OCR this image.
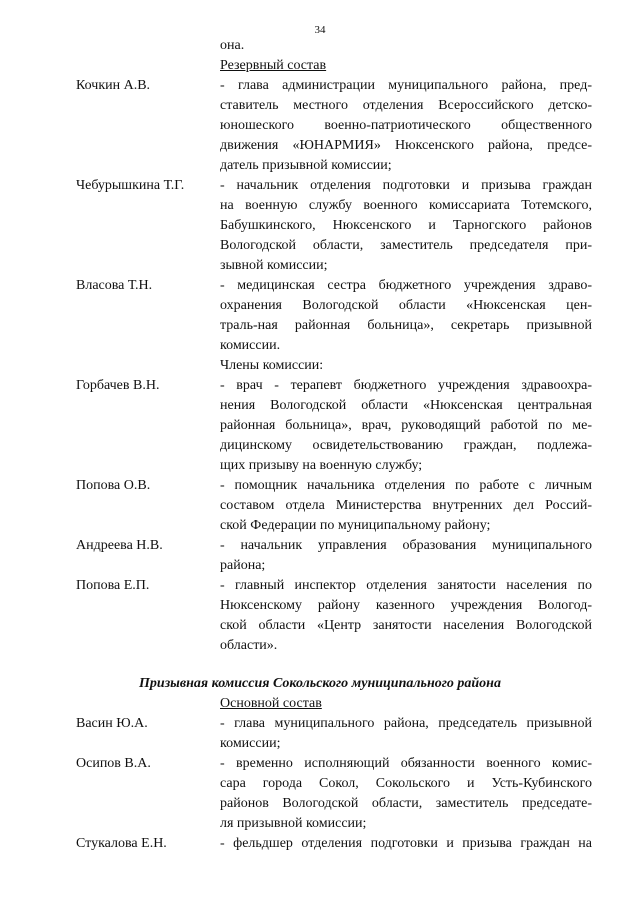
34
она.
Резервный состав
Кочкин А.В.	- глава администрации муниципального района, пред-
ставитель местного отделения Всероссийского детско-
юношеского военно-патриотического общественного
движения «ЮНАРМИЯ» Нюксенского района, предсе-
датель призывной комиссии;
Чебурышкина Т.Г.	- начальник отделения подготовки и призыва граждан
на военную службу военного комиссариата Тотемского,
Бабушкинского, Нюксенского и Тарногского районов
Вологодской области, заместитель председателя при-
зывной комиссии;
Власова Т.Н.	- медицинская сестра бюджетного учреждения здраво-
охранения Вологодской области «Нюксенская цен-
траль-ная районная больница», секретарь призывной
комиссии.
Члены комиссии:
Горбачев В.Н.	- врач - терапевт бюджетного учреждения здравоохра-
нения Вологодской области «Нюксенская центральная
районная больница», врач, руководящий работой по ме-
дицинскому освидетельствованию граждан, подлежа-
щих призыву на военную службу;
Попова О.В.	- помощник начальника отделения по работе с личным
составом отдела Министерства внутренних дел Россий-
ской Федерации по муниципальному району;
Андреева Н.В.	- начальник управления образования муниципального
района;
Попова Е.П.	- главный инспектор отделения занятости населения по
Нюксенскому району казенного учреждения Вологод-
ской области «Центр занятости населения Вологодской
области».
Призывная комиссия Сокольского муниципального района
Основной состав
Васин Ю.А.	- глава муниципального района, председатель призывной
комиссии;
Осипов В.А.	- временно исполняющий обязанности военного комис-
сара города Сокол, Сокольского и Усть-Кубинского
районов Вологодской области, заместитель председате-
ля призывной комиссии;
Стукалова Е.Н.	- фельдшер отделения подготовки и призыва граждан на
